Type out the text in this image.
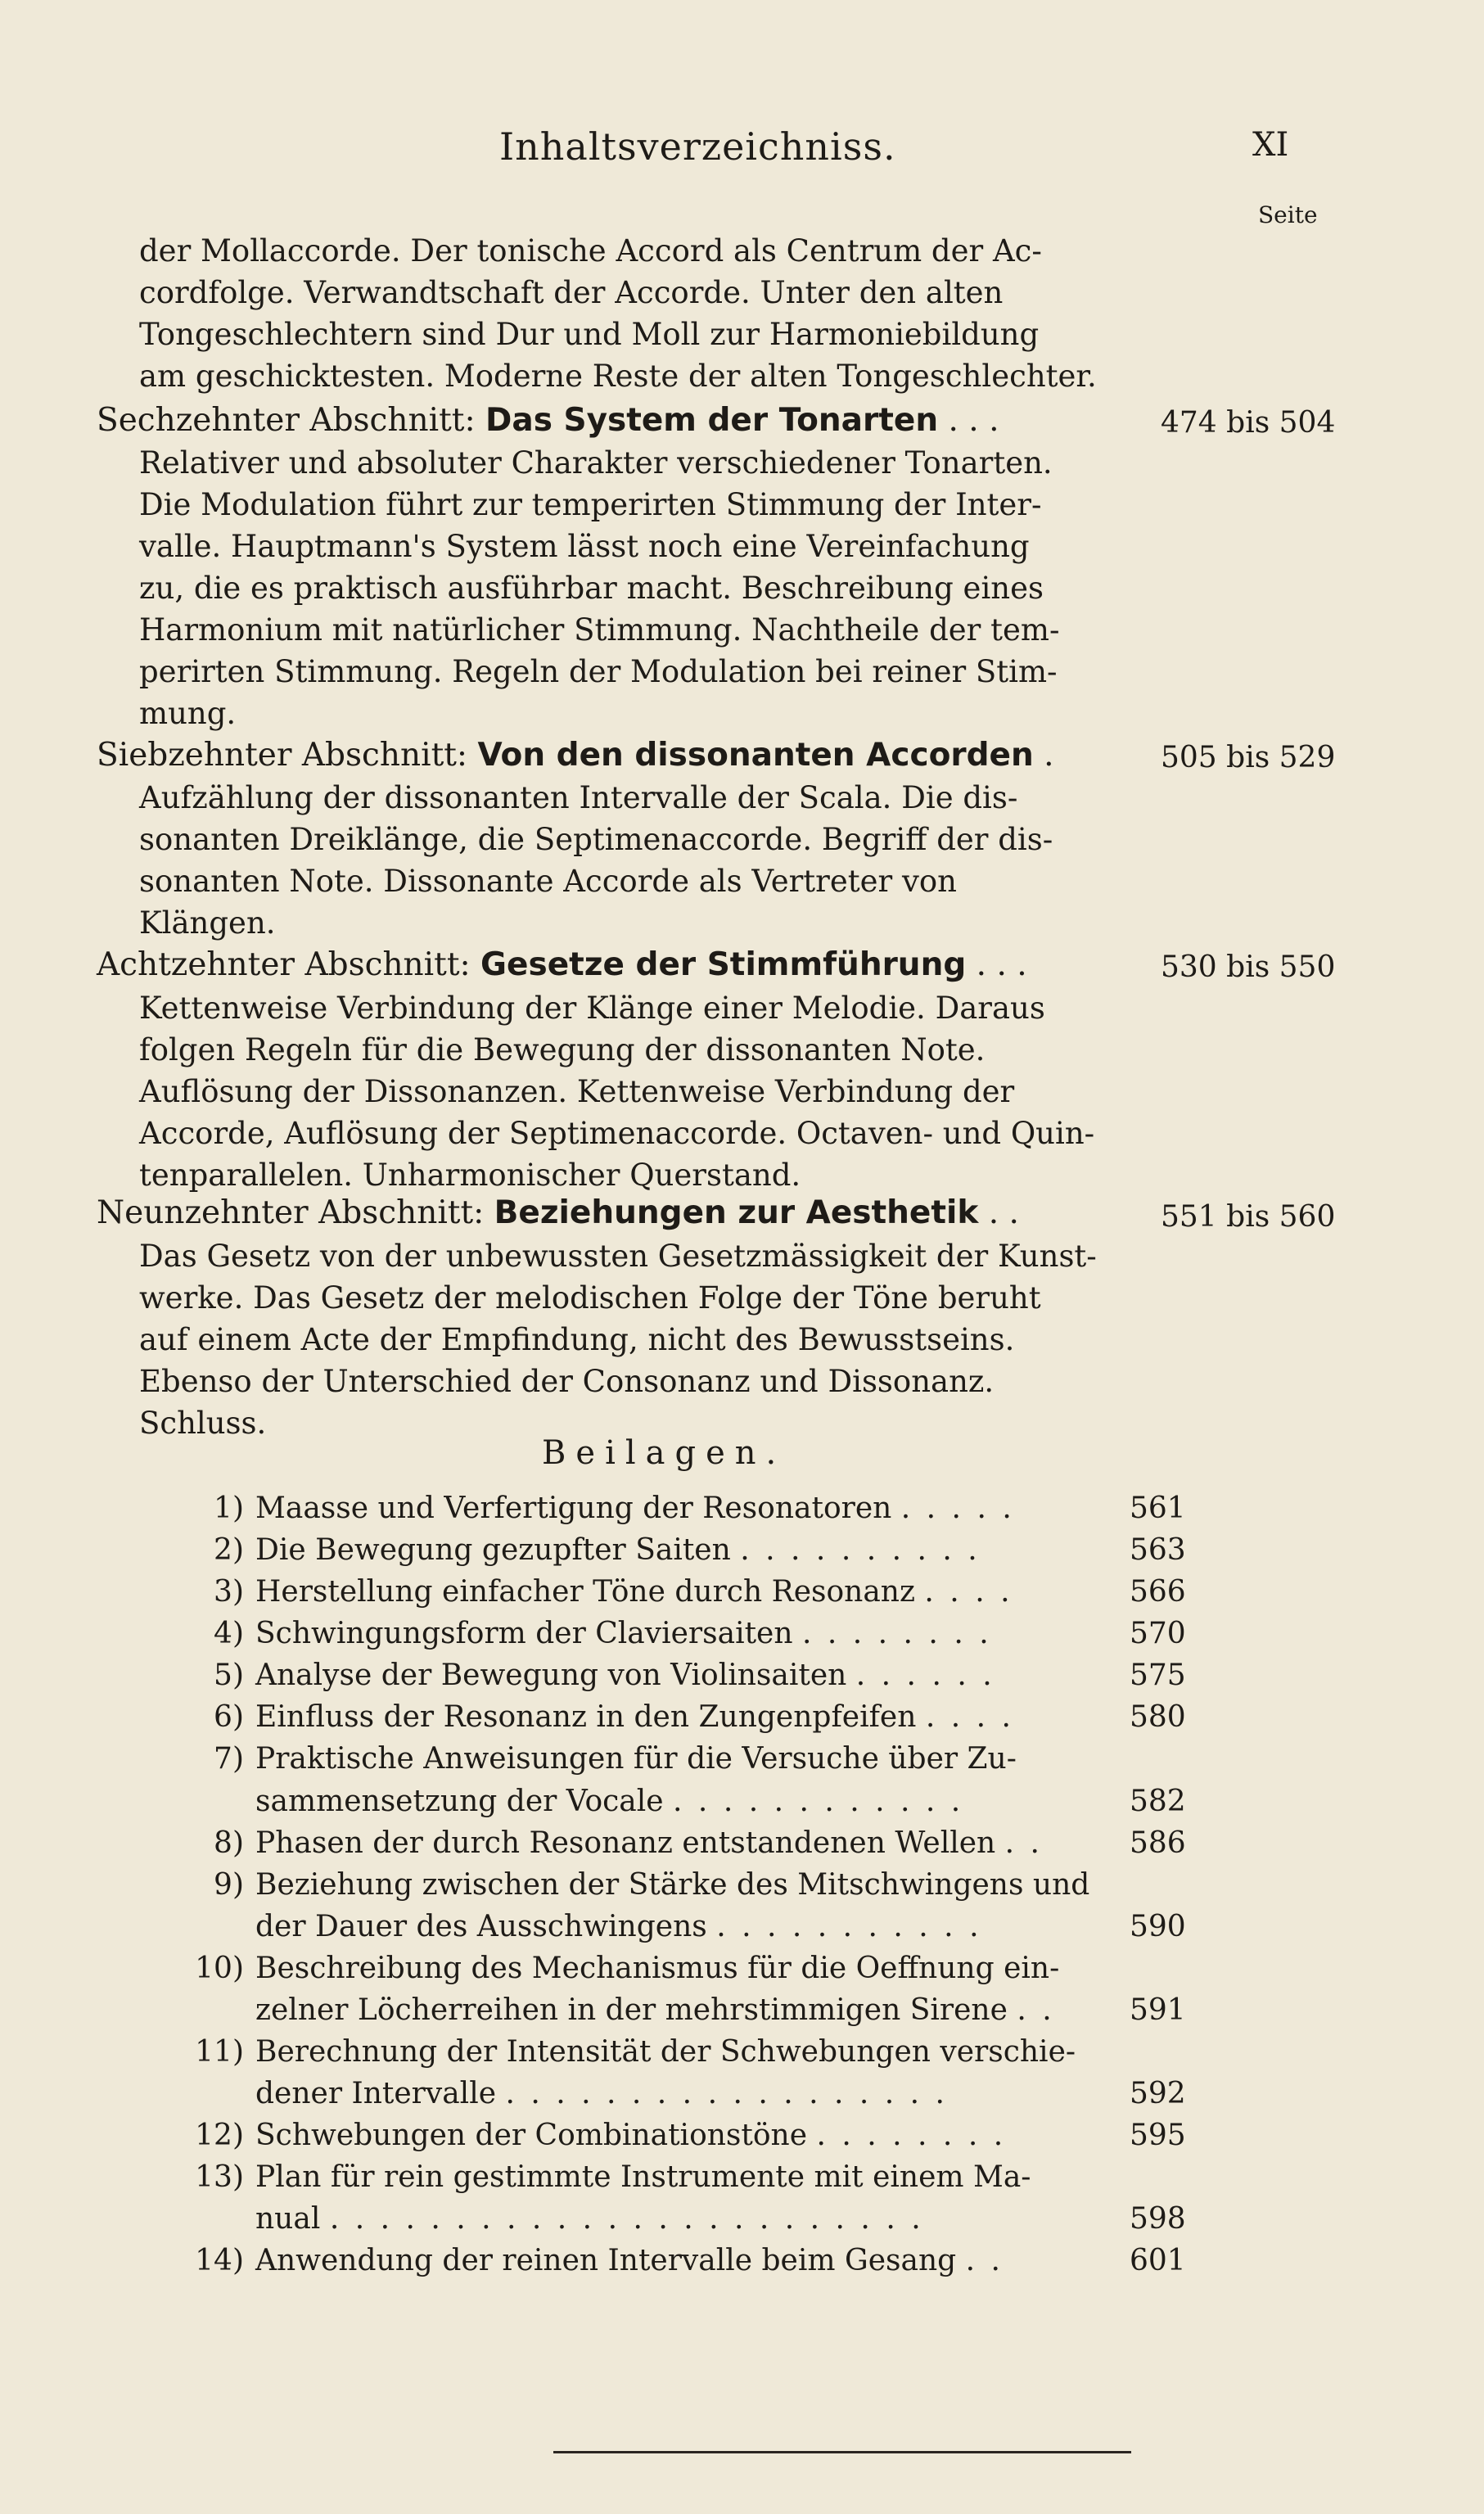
Inhaltsverzeichniss.	XI
Seite
der Mollaccorde. Der tonische Accord als Centrum der Ac-
cordfolge. Verwandtschaft der Accorde. Unter den alten
Tongeschlechtern sind Dur und Moll zur Harmoniebildung
am geschicktesten. Moderne Reste der alten Tongeschlechter.
Sechzehnter Abschnitt: Das System der Tonarten . . .	474 bis 504
Relativer und absoluter Charakter verschiedener Tonarten.
Die Modulation führt zur temperirten Stimmung der Inter-
valle. Hauptmann's System lässt noch eine Vereinfachung
zu, die es praktisch ausführbar macht. Beschreibung eines
Harmonium mit natürlicher Stimmung. Nachtheile der tem-
perirten Stimmung. Regeln der Modulation bei reiner Stim-
mung.
Siebzehnter Abschnitt: Von den dissonanten Accorden .	505 bis 529
Aufzählung der dissonanten Intervalle der Scala. Die dis-
sonanten Dreiklänge, die Septimenaccorde. Begriff der dis-
sonanten Note. Dissonante Accorde als Vertreter von
Klängen.
Achtzehnter Abschnitt: Gesetze der Stimmführung . . .	530 bis 550
Kettenweise Verbindung der Klänge einer Melodie. Daraus
folgen Regeln für die Bewegung der dissonanten Note.
Auflösung der Dissonanzen. Kettenweise Verbindung der
Accorde, Auflösung der Septimenaccorde. Octaven- und Quin-
tenparallelen. Unharmonischer Querstand.
Neunzehnter Abschnitt: Beziehungen zur Aesthetik . .	551 bis 560
Das Gesetz von der unbewussten Gesetzmässigkeit der Kunst-
werke. Das Gesetz der melodischen Folge der Töne beruht
auf einem Acte der Empfindung, nicht des Bewusstseins.
Ebenso der Unterschied der Consonanz und Dissonanz.
Schluss.
Beilagen.
1) Maasse und Verfertigung der Resonatoren . . . . .	561
2) Die Bewegung gezupfter Saiten . . . . . . . . . .	563
3) Herstellung einfacher Töne durch Resonanz . . . .	566
4) Schwingungsform der Claviersaiten . . . . . . . .	570
5) Analyse der Bewegung von Violinsaiten . . . . . .	575
6) Einfluss der Resonanz in den Zungenpfeifen . . . .	580
7) Praktische Anweisungen für die Versuche über Zu-
sammensetzung der Vocale . . . . . . . . . . . .	582
8) Phasen der durch Resonanz entstandenen Wellen . .	586
9) Beziehung zwischen der Stärke des Mitschwingens und
der Dauer des Ausschwingens . . . . . . . . . . .	590
10) Beschreibung des Mechanismus für die Oeffnung ein-
zelner Löcherreihen in der mehrstimmigen Sirene . .	591
11) Berechnung der Intensität der Schwebungen verschie-
dener Intervalle . . . . . . . . . . . . . . . . . .	592
12) Schwebungen der Combinationstöne . . . . . . . .	595
13) Plan für rein gestimmte Instrumente mit einem Ma-
nual . . . . . . . . . . . . . . . . . . . . . . . .	598
14) Anwendung der reinen Intervalle beim Gesang . .	601
